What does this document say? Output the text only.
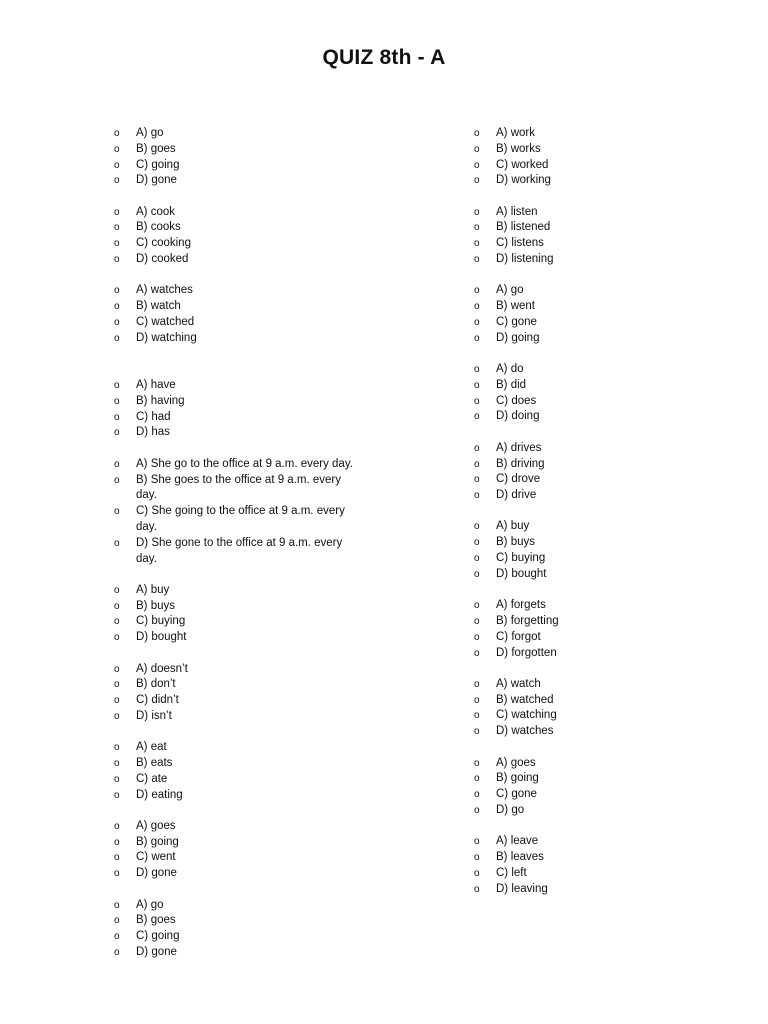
QUIZ 8th - A
o A) go
o B) goes
o C) going
o D) gone
o A) cook
o B) cooks
o C) cooking
o D) cooked
o A) watches
o B) watch
o C) watched
o D) watching
o A) have
o B) having
o C) had
o D) has
o A) She go to the office at 9 a.m. every day.
o B) She goes to the office at 9 a.m. every day.
o C) She going to the office at 9 a.m. every day.
o D) She gone to the office at 9 a.m. every day.
o A) buy
o B) buys
o C) buying
o D) bought
o A) doesn’t
o B) don’t
o C) didn’t
o D) isn’t
o A) eat
o B) eats
o C) ate
o D) eating
o A) goes
o B) going
o C) went
o D) gone
o A) go
o B) goes
o C) going
o D) gone
o A) work
o B) works
o C) worked
o D) working
o A) listen
o B) listened
o C) listens
o D) listening
o A) go
o B) went
o C) gone
o D) going
o A) do
o B) did
o C) does
o D) doing
o A) drives
o B) driving
o C) drove
o D) drive
o A) buy
o B) buys
o C) buying
o D) bought
o A) forgets
o B) forgetting
o C) forgot
o D) forgotten
o A) watch
o B) watched
o C) watching
o D) watches
o A) goes
o B) going
o C) gone
o D) go
o A) leave
o B) leaves
o C) left
o D) leaving
